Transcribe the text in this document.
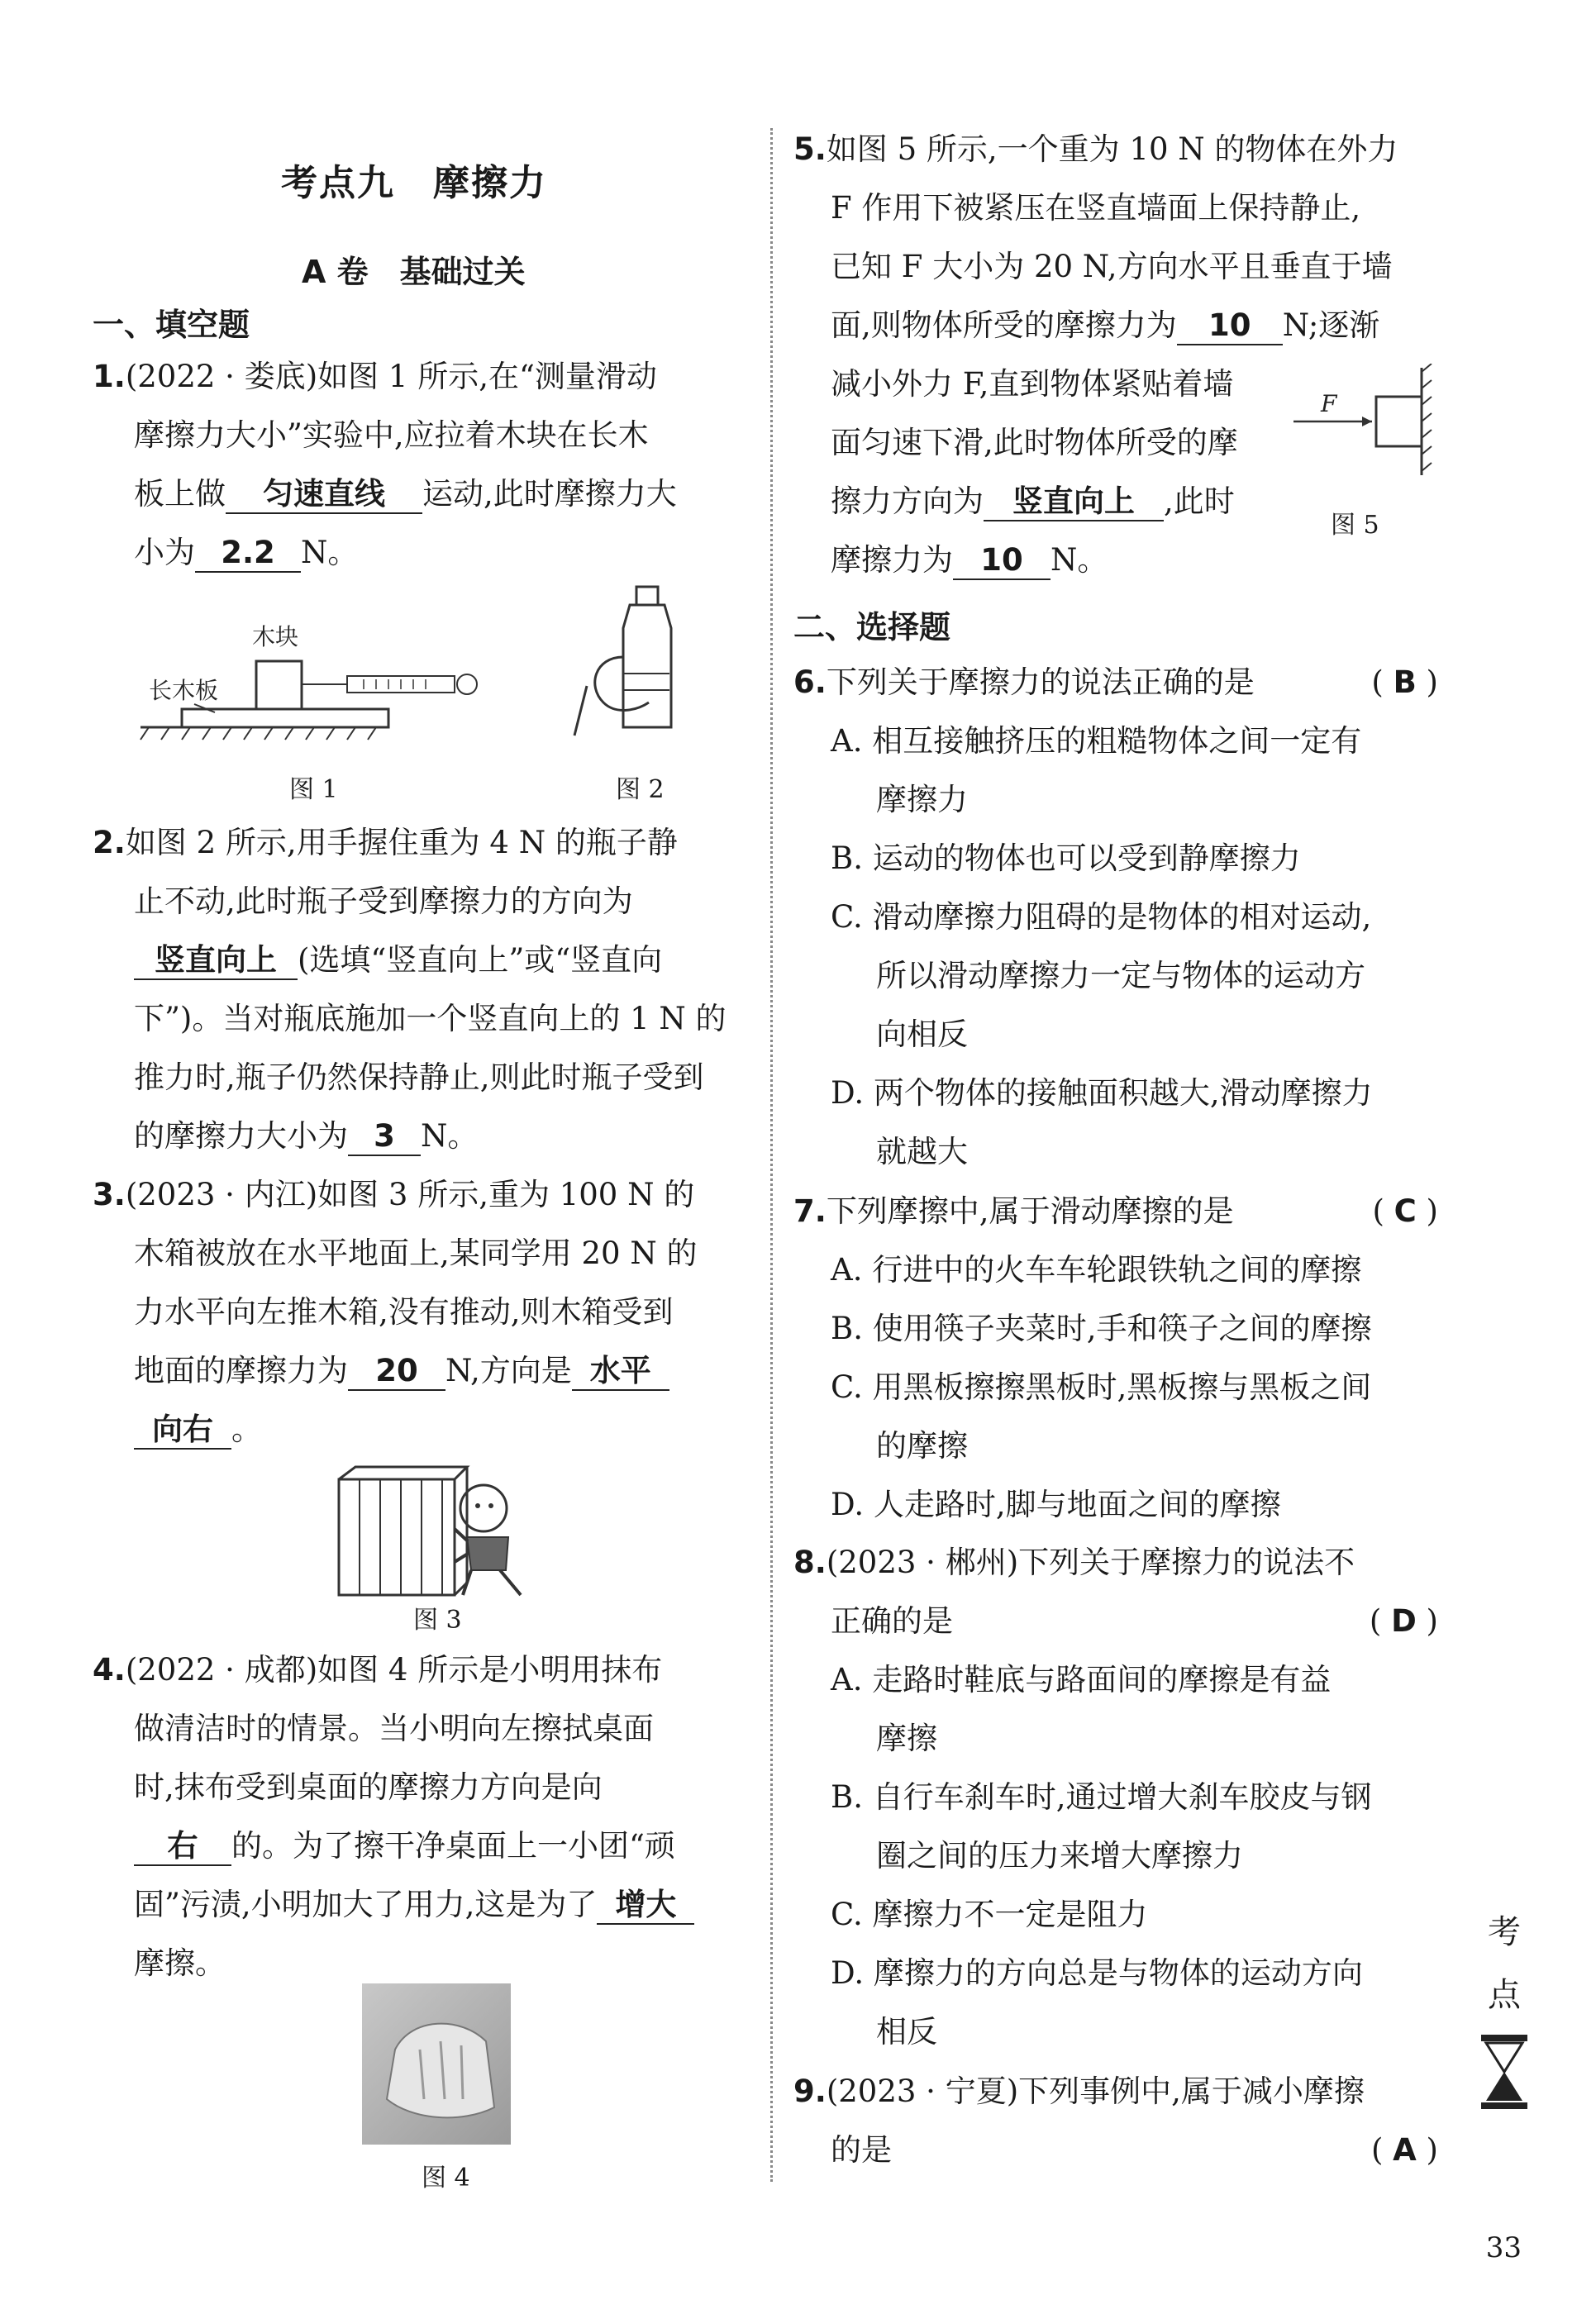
考点九　摩擦力
A 卷　基础过关
一、填空题
1.(2022 · 娄底)如图 1 所示,在“测量滑动
摩擦力大小”实验中,应拉着木块在长木
板上做 匀速直线 运动,此时摩擦力大
小为 2.2 N。
木块
长木板
图 1	图 2
2.如图 2 所示,用手握住重为 4 N 的瓶子静
止不动,此时瓶子受到摩擦力的方向为
竖直向上 (选填“竖直向上”或“竖直向
下”)。当对瓶底施加一个竖直向上的 1 N 的
推力时,瓶子仍然保持静止,则此时瓶子受到
的摩擦力大小为 3 N。
3.(2023 · 内江)如图 3 所示,重为 100 N 的
木箱被放在水平地面上,某同学用 20 N 的
力水平向左推木箱,没有推动,则木箱受到
地面的摩擦力为 20 N,方向是 水平
向右 。
图 3
4.(2022 · 成都)如图 4 所示是小明用抹布
做清洁时的情景。当小明向左擦拭桌面
时,抹布受到桌面的摩擦力方向是向
右 的。为了擦干净桌面上一小团“顽
固”污渍,小明加大了用力,这是为了 增大
摩擦。
图 4
5.如图 5 所示,一个重为 10 N 的物体在外力
F 作用下被紧压在竖直墙面上保持静止,
已知 F 大小为 20 N,方向水平且垂直于墙
面,则物体所受的摩擦力为 10 N;逐渐
减小外力 F,直到物体紧贴着墙
面匀速下滑,此时物体所受的摩
擦力方向为 竖直向上 ,此时
摩擦力为 10 N。
F
图 5
二、选择题
6.下列关于摩擦力的说法正确的是	( B )
A. 相互接触挤压的粗糙物体之间一定有
摩擦力
B. 运动的物体也可以受到静摩擦力
C. 滑动摩擦力阻碍的是物体的相对运动,
所以滑动摩擦力一定与物体的运动方
向相反
D. 两个物体的接触面积越大,滑动摩擦力
就越大
7.下列摩擦中,属于滑动摩擦的是	( C )
A. 行进中的火车车轮跟铁轨之间的摩擦
B. 使用筷子夹菜时,手和筷子之间的摩擦
C. 用黑板擦擦黑板时,黑板擦与黑板之间
的摩擦
D. 人走路时,脚与地面之间的摩擦
8.(2023 · 郴州)下列关于摩擦力的说法不
正确的是	( D )
A. 走路时鞋底与路面间的摩擦是有益
摩擦
B. 自行车刹车时,通过增大刹车胶皮与钢
圈之间的压力来增大摩擦力
C. 摩擦力不一定是阻力
D. 摩擦力的方向总是与物体的运动方向
相反
9.(2023 · 宁夏)下列事例中,属于减小摩擦
的是	( A )
考
点
33
